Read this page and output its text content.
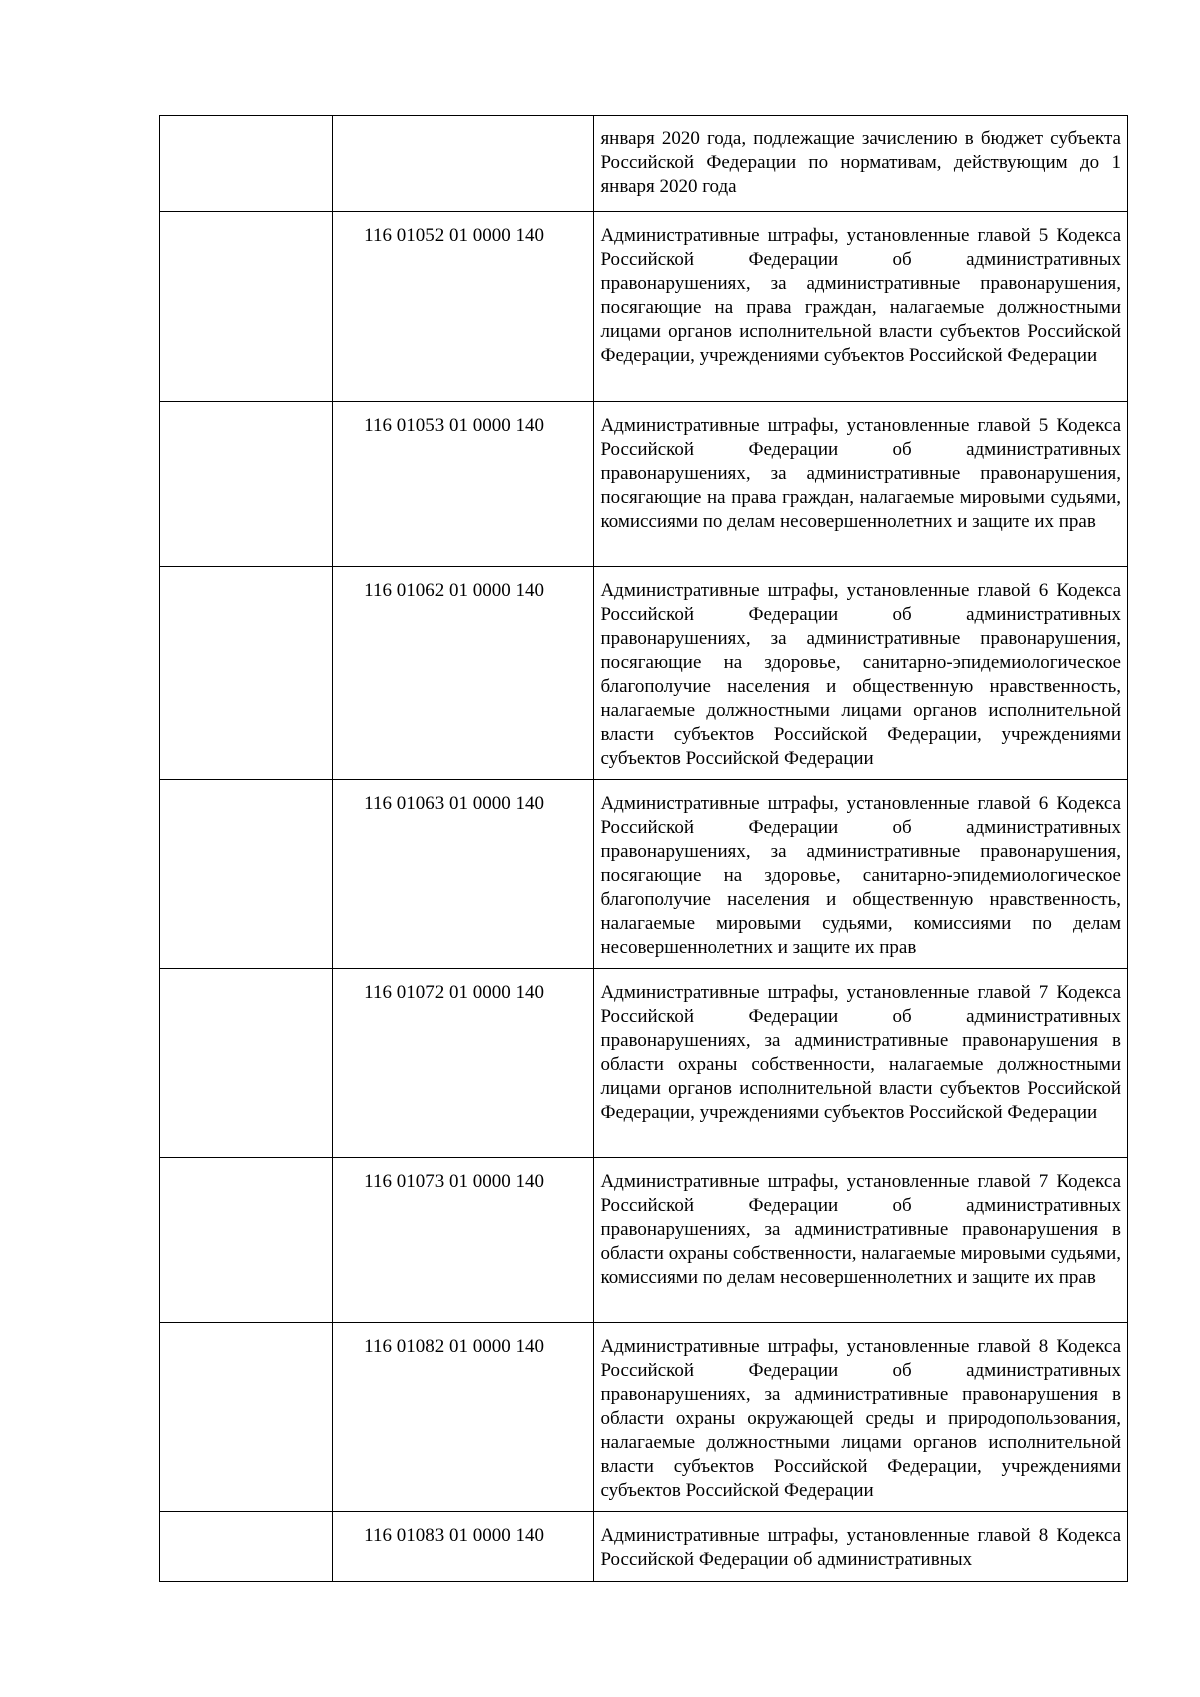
		января 2020 года, подлежащие зачислению в бюджет субъекта Российской Федерации по нормативам, действующим до 1 января 2020 года

	116 01052 01 0000 140	Административные штрафы, установленные главой 5 Кодекса Российской Федерации об административных правонарушениях, за административные правонарушения, посягающие на права граждан, налагаемые должностными лицами органов исполнительной власти субъектов Российской Федерации, учреждениями субъектов Российской Федерации

	116 01053 01 0000 140	Административные штрафы, установленные главой 5 Кодекса Российской Федерации об административных правонарушениях, за административные правонарушения, посягающие на права граждан, налагаемые мировыми судьями, комиссиями по делам несовершеннолетних и защите их прав

	116 01062 01 0000 140	Административные штрафы, установленные главой 6 Кодекса Российской Федерации об административных правонарушениях, за административные правонарушения, посягающие на здоровье, санитарно-эпидемиологическое благополучие населения и общественную нравственность, налагаемые должностными лицами органов исполнительной власти субъектов Российской Федерации, учреждениями субъектов Российской Федерации

	116 01063 01 0000 140	Административные штрафы, установленные главой 6 Кодекса Российской Федерации об административных правонарушениях, за административные правонарушения, посягающие на здоровье, санитарно-эпидемиологическое благополучие населения и общественную нравственность, налагаемые мировыми судьями, комиссиями по делам несовершеннолетних и защите их прав

	116 01072 01 0000 140	Административные штрафы, установленные главой 7 Кодекса Российской Федерации об административных правонарушениях, за административные правонарушения в области охраны собственности, налагаемые должностными лицами органов исполнительной власти субъектов Российской Федерации, учреждениями субъектов Российской Федерации

	116 01073 01 0000 140	Административные штрафы, установленные главой 7 Кодекса Российской Федерации об административных правонарушениях, за административные правонарушения в области охраны собственности, налагаемые мировыми судьями, комиссиями по делам несовершеннолетних и защите их прав

	116 01082 01 0000 140	Административные штрафы, установленные главой 8 Кодекса Российской Федерации об административных правонарушениях, за административные правонарушения в области охраны окружающей среды и природопользования, налагаемые должностными лицами органов исполнительной власти субъектов Российской Федерации, учреждениями субъектов Российской Федерации

	116 01083 01 0000 140	Административные штрафы, установленные главой 8 Кодекса Российской Федерации об административных
